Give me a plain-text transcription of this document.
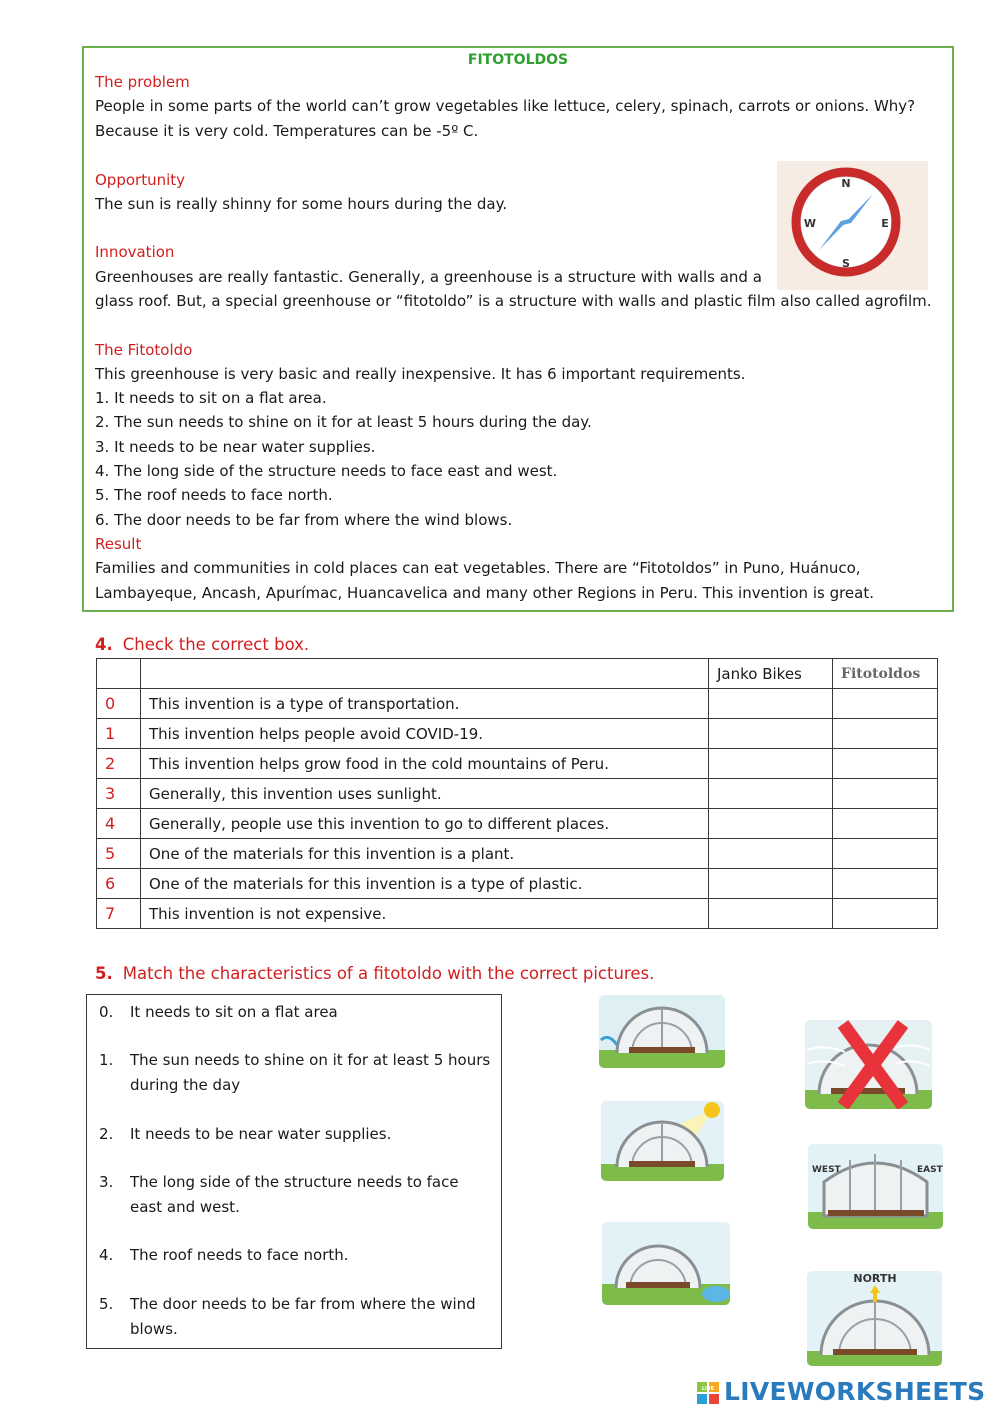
FITOTOLDOS
The problem
People in some parts of the world can’t grow vegetables like lettuce, celery, spinach, carrots or onions. Why?
Because it is very cold. Temperatures can be -5º C.
Opportunity
The sun is really shinny for some hours during the day.
Innovation
Greenhouses are really fantastic. Generally, a greenhouse is a structure with walls and a
glass roof. But, a special greenhouse or “fitotoldo” is a structure with walls and plastic film also called agrofilm.
N
S
W	E
The Fitotoldo
This greenhouse is very basic and really inexpensive. It has 6 important requirements.
1. It needs to sit on a flat area.
2. The sun needs to shine on it for at least 5 hours during the day.
3. It needs to be near water supplies.
4. The long side of the structure needs to face east and west.
5. The roof needs to face north.
6. The door needs to be far from where the wind blows.
Result
Families and communities in cold places can eat vegetables. There are “Fitotoldos” in Puno, Huánuco,
Lambayeque, Ancash, Apurímac, Huancavelica and many other Regions in Peru. This invention is great.
4. Check the correct box.
		Janko Bikes	Fitotoldos
0	This invention is a type of transportation.		
1	This invention helps people avoid COVID-19.		
2	This invention helps grow food in the cold mountains of Peru.		
3	Generally, this invention uses sunlight.		
4	Generally, people use this invention to go to different places.		
5	One of the materials for this invention is a plant.		
6	One of the materials for this invention is a type of plastic.		
7	This invention is not expensive.		
5. Match the characteristics of a fitotoldo with the correct pictures.
0. It needs to sit on a flat area
1. The sun needs to shine on it for at least 5 hours during the day
2. It needs to be near water supplies.
3. The long side of the structure needs to face east and west.
4. The roof needs to face north.
5. The door needs to be far from where the wind blows.
WEST	EAST
NORTH
LIVE LIVEWORKSHEETS
